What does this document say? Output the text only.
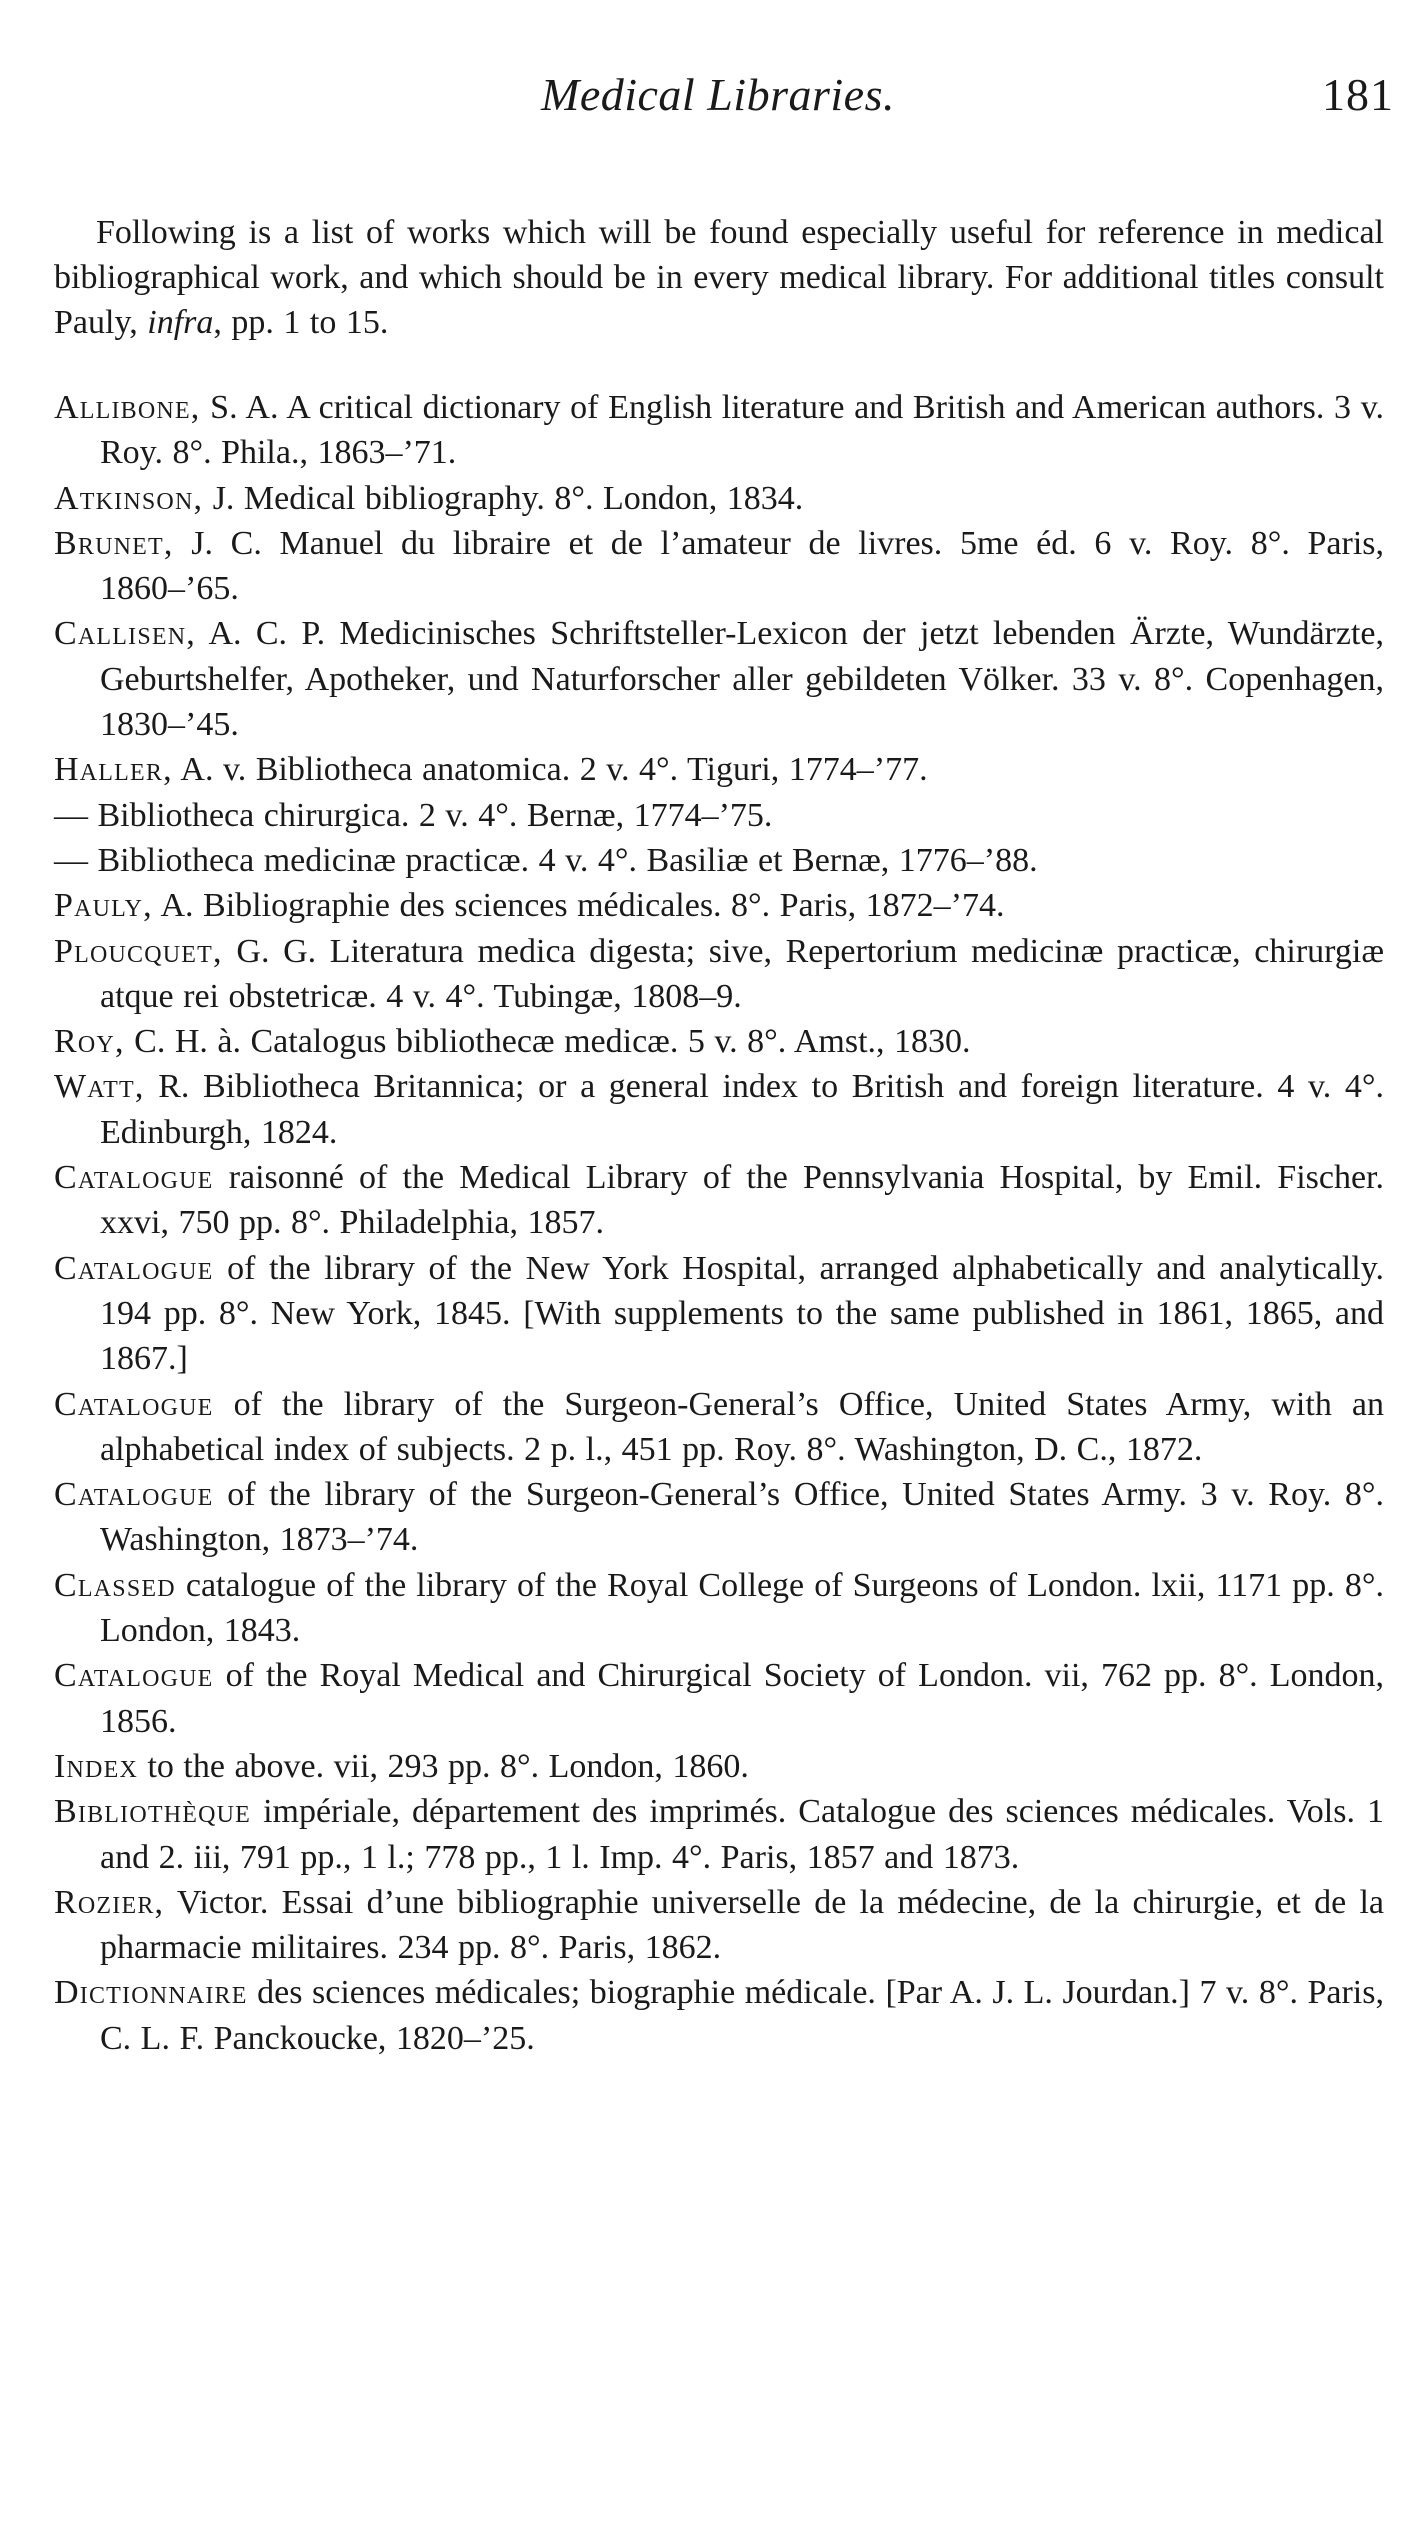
Medical Libraries.	181

Following is a list of works which will be found especially useful for reference in medical bibliographical work, and which should be in every medical library. For additional titles consult Pauly, infra, pp. 1 to 15.

Allibone, S. A. A critical dictionary of English literature and British and American authors. 3 v. Roy. 8°. Phila., 1863–’71.
Atkinson, J. Medical bibliography. 8°. London, 1834.
Brunet, J. C. Manuel du libraire et de l’amateur de livres. 5me éd. 6 v. Roy. 8°. Paris, 1860–’65.
Callisen, A. C. P. Medicinisches Schriftsteller-Lexicon der jetzt lebenden Ärzte, Wundärzte, Geburtshelfer, Apotheker, und Naturforscher aller gebildeten Völker. 33 v. 8°. Copenhagen, 1830–’45.
Haller, A. v. Bibliotheca anatomica. 2 v. 4°. Tiguri, 1774–’77.
— Bibliotheca chirurgica. 2 v. 4°. Bernæ, 1774–’75.
— Bibliotheca medicinæ practicæ. 4 v. 4°. Basiliæ et Bernæ, 1776–’88.
Pauly, A. Bibliographie des sciences médicales. 8°. Paris, 1872–’74.
Ploucquet, G. G. Literatura medica digesta; sive, Repertorium medicinæ practicæ, chirurgiæ atque rei obstetricæ. 4 v. 4°. Tubingæ, 1808–9.
Roy, C. H. à. Catalogus bibliothecæ medicæ. 5 v. 8°. Amst., 1830.
Watt, R. Bibliotheca Britannica; or a general index to British and foreign literature. 4 v. 4°. Edinburgh, 1824.
Catalogue raisonné of the Medical Library of the Pennsylvania Hospital, by Emil. Fischer. xxvi, 750 pp. 8°. Philadelphia, 1857.
Catalogue of the library of the New York Hospital, arranged alphabetically and analytically. 194 pp. 8°. New York, 1845. [With supplements to the same published in 1861, 1865, and 1867.]
Catalogue of the library of the Surgeon-General’s Office, United States Army, with an alphabetical index of subjects. 2 p. l., 451 pp. Roy. 8°. Washington, D. C., 1872.
Catalogue of the library of the Surgeon-General’s Office, United States Army. 3 v. Roy. 8°. Washington, 1873–’74.
Classed catalogue of the library of the Royal College of Surgeons of London. lxii, 1171 pp. 8°. London, 1843.
Catalogue of the Royal Medical and Chirurgical Society of London. vii, 762 pp. 8°. London, 1856.
Index to the above. vii, 293 pp. 8°. London, 1860.
Bibliothèque impériale, département des imprimés. Catalogue des sciences médicales. Vols. 1 and 2. iii, 791 pp., 1 l.; 778 pp., 1 l. Imp. 4°. Paris, 1857 and 1873.
Rozier, Victor. Essai d’une bibliographie universelle de la médecine, de la chirurgie, et de la pharmacie militaires. 234 pp. 8°. Paris, 1862.
Dictionnaire des sciences médicales; biographie médicale. [Par A. J. L. Jourdan.] 7 v. 8°. Paris, C. L. F. Panckoucke, 1820–’25.
